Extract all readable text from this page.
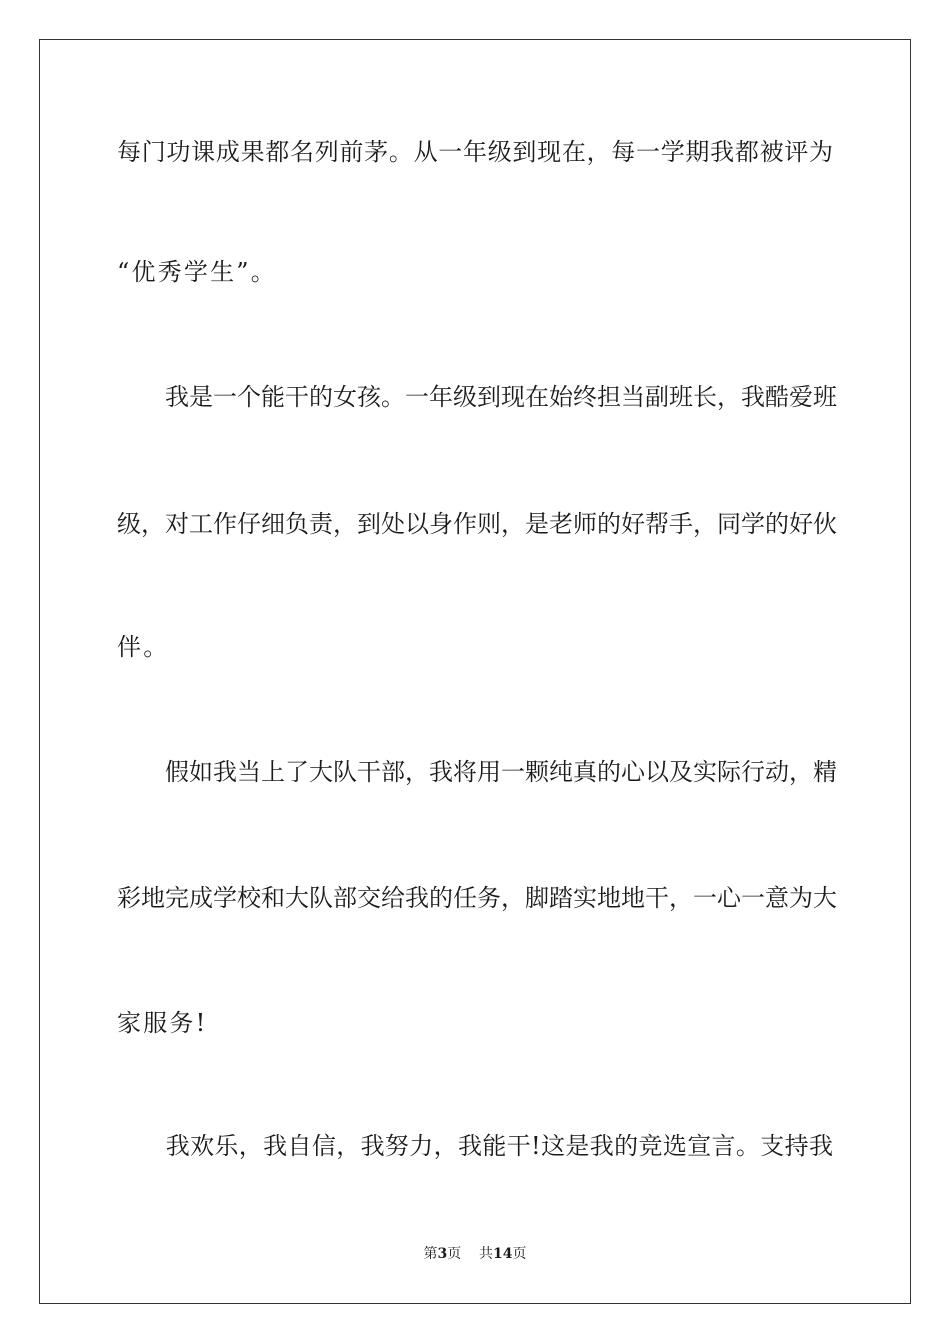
每门功课成果都名列前茅。从一年级到现在，每一学期我都被评为
“优秀学生”。
　　我是一个能干的女孩。一年级到现在始终担当副班长，我酷爱班
级，对工作仔细负责，到处以身作则，是老师的好帮手，同学的好伙
伴。
　　假如我当上了大队干部，我将用一颗纯真的心以及实际行动，精
彩地完成学校和大队部交给我的任务，脚踏实地地干，一心一意为大
家服务!
　　我欢乐，我自信，我努力，我能干!这是我的竞选宣言。支持我
第3页 共14页
